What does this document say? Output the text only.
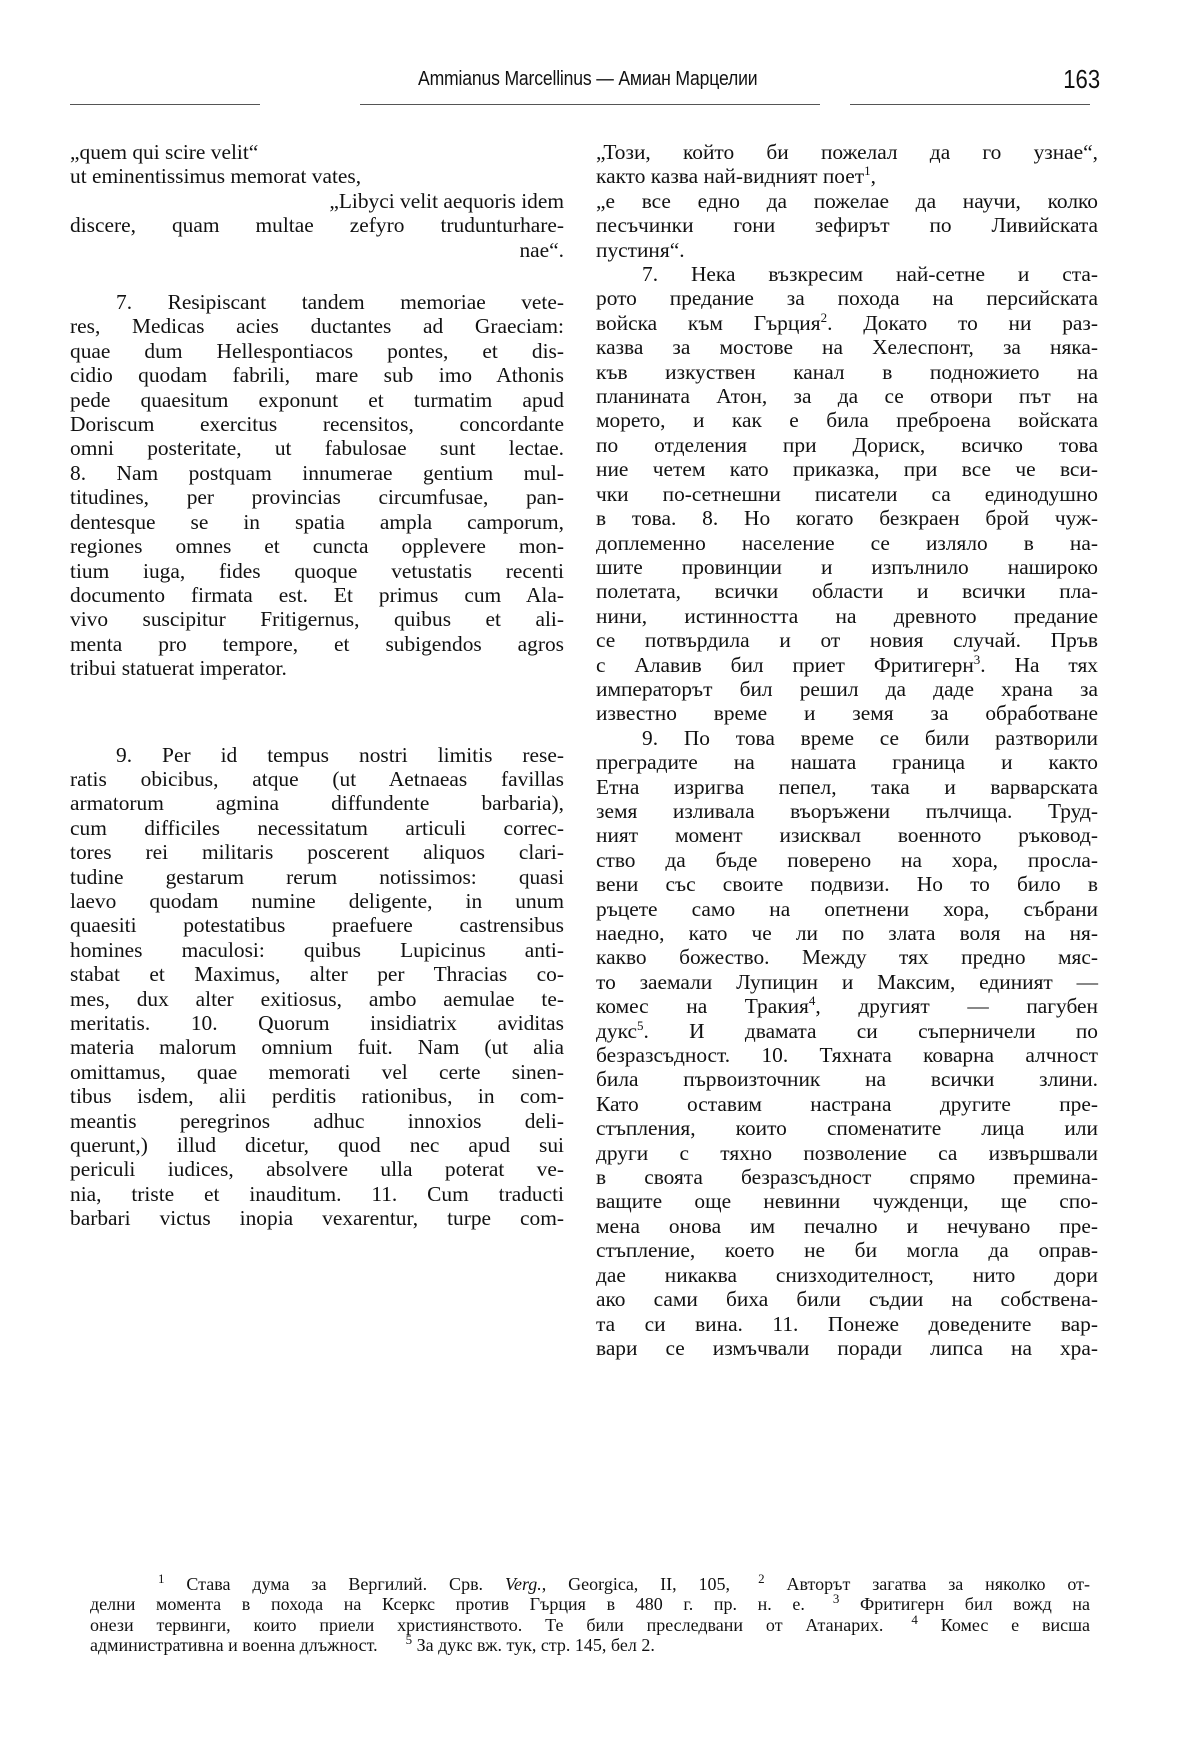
Ammianus Marcellinus — Амиан Марцелии	163
„quem qui scire velit“
ut eminentissimus memorat vates,
„Libyci velit aequoris idem
discere, quam multae zefyro trudunturhare-
nae“.
7. Resipiscant tandem memoriae vete-
res, Medicas acies ductantes ad Graeciam:
quae dum Hellespontiacos pontes, et dis-
cidio quodam fabrili, mare sub imo Athonis
pede quaesitum exponunt et turmatim apud
Doriscum exercitus recensitos, concordante
omni posteritate, ut fabulosae sunt lectae.
8. Nam postquam innumerae gentium mul-
titudines, per provincias circumfusae, pan-
dentesque se in spatia ampla camporum,
regiones omnes et cuncta opplevere mon-
tium iuga, fides quoque vetustatis recenti
documento firmata est. Et primus cum Ala-
vivo suscipitur Fritigernus, quibus et ali-
menta pro tempore, et subigendos agros
tribui statuerat imperator.
9. Per id tempus nostri limitis rese-
ratis obicibus, atque (ut Aetnaeas favillas
armatorum agmina diffundente barbaria),
cum difficiles necessitatum articuli correc-
tores rei militaris poscerent aliquos clari-
tudine gestarum rerum notissimos: quasi
laevo quodam numine deligente, in unum
quaesiti potestatibus praefuere castrensibus
homines maculosi: quibus Lupicinus anti-
stabat et Maximus, alter per Thracias co-
mes, dux alter exitiosus, ambo aemulae te-
meritatis. 10. Quorum insidiatrix aviditas
materia malorum omnium fuit. Nam (ut alia
omittamus, quae memorati vel certe sinen-
tibus isdem, alii perditis rationibus, in com-
meantis peregrinos adhuc innoxios deli-
querunt,) illud dicetur, quod nec apud sui
periculi iudices, absolvere ulla poterat ve-
nia, triste et inauditum. 11. Cum traducti
barbari victus inopia vexarentur, turpe com-
„Този, който би пожелал да го узнае“,
както казва най-видният поет$^1$,
„е все едно да пожелае да научи, колко
песъчинки гони зефирът по Ливийската
пустиня“.
7. Нека възкресим най-сетне и ста-
рото предание за похода на персийската
войска към Гърция$^2$. Докато то ни раз-
казва за мостове на Хелеспонт, за няка-
къв изкуствен канал в подножието на
планината Атон, за да се отвори път на
морето, и как е била преброена войската
по отделения при Дориск, всичко това
ние четем като приказка, при все че вси-
чки по-сетнешни писатели са единодушно
в това. 8. Но когато безкраен брой чуж-
доплеменно население се изляло в на-
шите провинции и изпълнило нашироко
полетата, всички области и всички пла-
нини, истинността на древното предание
се потвърдила и от новия случай. Пръв
с Алавив бил приет Фритигерн$^3$. На тях
императорът бил решил да даде храна за
известно време и земя за обработване
9. По това време се били разтворили
преградите на нашата граница и както
Етна изригва пепел, така и варварската
земя изливала въоръжени пълчища. Труд-
ният момент изисквал военното ръковод-
ство да бъде поверено на хора, просла-
вени със своите подвизи. Но то било в
ръцете само на опетнени хора, събрани
наедно, като че ли по злата воля на ня-
какво божество. Между тях предно мяс-
то заемали Лупицин и Максим, единият —
комес на Тракия$^4$, другият — пагубен
дукс$^5$. И двамата си съперничели по
безразсъдност. 10. Тяхната коварна алчност
била първоизточник на всички злини.
Като оставим настрана другите пре-
стъпления, които споменатите лица или
други с тяхно позволение са извършвали
в своята безразсъдност спрямо премина-
ващите още невинни чужденци, ще спо-
мена онова им печално и нечувано пре-
стъпление, което не би могла да оправ-
дае никаква снизходителност, нито дори
ако сами биха били съдии на собствена-
та си вина. 11. Понеже доведените вар-
вари се измъчвали поради липса на хра-
$^1$ Става дума за Вергилий. Срв. Verg., Georgica, II, 105, $^2$ Авторът загатва за няколко от-
делни момента в похода на Ксеркс против Гърция в 480 г. пр. н. е. $^3$ Фритигерн бил вожд на
онези тервинги, които приели християнството. Те били преследвани от Атанарих. $^4$ Комес е висша
административна и военна длъжност. $^5$ За дукс вж. тук, стр. 145, бел 2.
